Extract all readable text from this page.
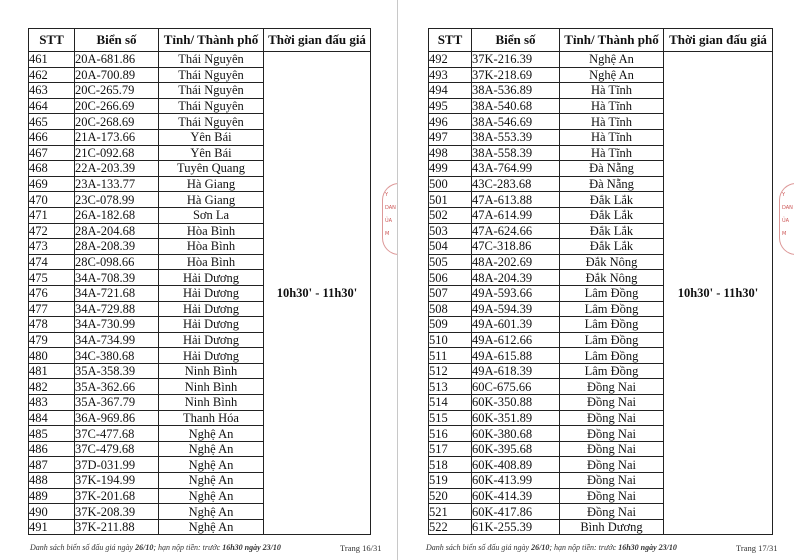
STT	Biển số	Tỉnh/ Thành phố	Thời gian đấu giá
461	20A-681.86	Thái Nguyên	10h30' - 11h30'
462	20A-700.89	Thái Nguyên	
463	20C-265.79	Thái Nguyên	
464	20C-266.69	Thái Nguyên	
465	20C-268.69	Thái Nguyên	
466	21A-173.66	Yên Bái	
467	21C-092.68	Yên Bái	
468	22A-203.39	Tuyên Quang	
469	23A-133.77	Hà Giang	
470	23C-078.99	Hà Giang	
471	26A-182.68	Sơn La	
472	28A-204.68	Hòa Bình	
473	28A-208.39	Hòa Bình	
474	28C-098.66	Hòa Bình	
475	34A-708.39	Hải Dương	
476	34A-721.68	Hải Dương	
477	34A-729.88	Hải Dương	
478	34A-730.99	Hải Dương	
479	34A-734.99	Hải Dương	
480	34C-380.68	Hải Dương	
481	35A-358.39	Ninh Bình	
482	35A-362.66	Ninh Bình	
483	35A-367.79	Ninh Bình	
484	36A-969.86	Thanh Hóa	
485	37C-477.68	Nghệ An	
486	37C-479.68	Nghệ An	
487	37D-031.99	Nghệ An	
488	37K-194.99	Nghệ An	
489	37K-201.68	Nghệ An	
490	37K-208.39	Nghệ An	
491	37K-211.88	Nghệ An	
Y
DAN
ỦA
M
Danh sách biển số đấu giá ngày 26/10; hạn nộp tiền: trước 16h30 ngày 23/10	Trang 16/31
STT	Biển số	Tỉnh/ Thành phố	Thời gian đấu giá
492	37K-216.39	Nghệ An	10h30' - 11h30'
493	37K-218.69	Nghệ An	
494	38A-536.89	Hà Tĩnh	
495	38A-540.68	Hà Tĩnh	
496	38A-546.69	Hà Tĩnh	
497	38A-553.39	Hà Tĩnh	
498	38A-558.39	Hà Tĩnh	
499	43A-764.99	Đà Nẵng	
500	43C-283.68	Đà Nẵng	
501	47A-613.88	Đắk Lắk	
502	47A-614.99	Đắk Lắk	
503	47A-624.66	Đắk Lắk	
504	47C-318.86	Đắk Lắk	
505	48A-202.69	Đắk Nông	
506	48A-204.39	Đắk Nông	
507	49A-593.66	Lâm Đồng	
508	49A-594.39	Lâm Đồng	
509	49A-601.39	Lâm Đồng	
510	49A-612.66	Lâm Đồng	
511	49A-615.88	Lâm Đồng	
512	49A-618.39	Lâm Đồng	
513	60C-675.66	Đồng Nai	
514	60K-350.88	Đồng Nai	
515	60K-351.89	Đồng Nai	
516	60K-380.68	Đồng Nai	
517	60K-395.68	Đồng Nai	
518	60K-408.89	Đồng Nai	
519	60K-413.99	Đồng Nai	
520	60K-414.39	Đồng Nai	
521	60K-417.86	Đồng Nai	
522	61K-255.39	Bình Dương	
Y
DAN
ỦA
M
Danh sách biển số đấu giá ngày 26/10; hạn nộp tiền: trước 16h30 ngày 23/10	Trang 17/31
